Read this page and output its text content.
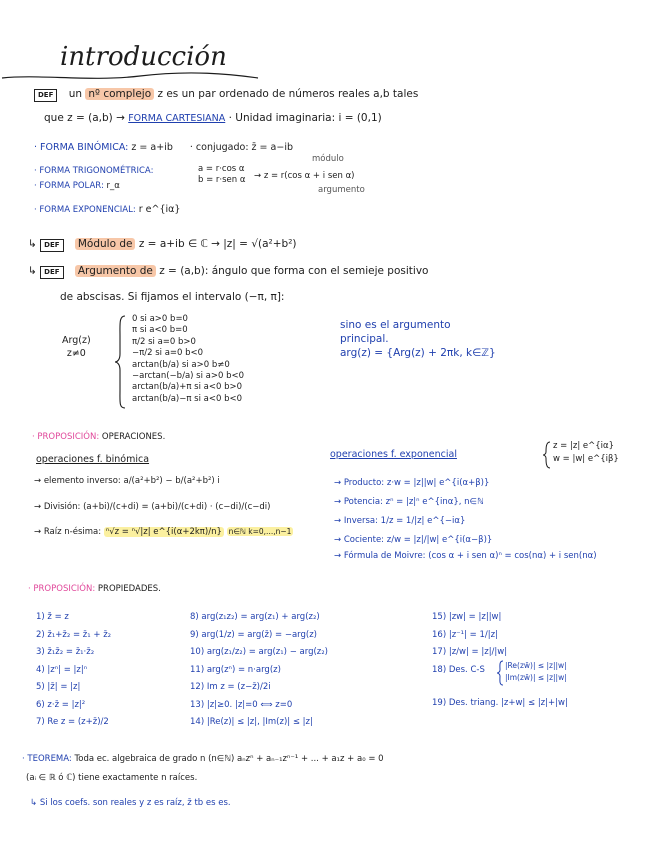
introducción
DEF un nº complejo z es un par ordenado de números reales a,b tales
que z = (a,b) → FORMA CARTESIANA · Unidad imaginaria: i = (0,1)
· FORMA BINÓMICA: z = a+ib · conjugado: z̄ = a−ib
módulo
· FORMA TRIGONOMÉTRICA:	a = r·cos α
b = r·sen α → z = r(cos α + i sen α)
· FORMA POLAR: r_α	argumento
· FORMA EXPONENCIAL: r e^{iα}
↳ DEF Módulo de z = a+ib ∈ ℂ → |z| = √(a²+b²)
↳ DEF Argumento de z = (a,b): ángulo que forma con el semieje positivo
de abscisas. Si fijamos el intervalo (−π, π]:
Arg(z)
z≠0
0 si a>0 b=0
π si a<0 b=0
π/2 si a=0 b>0
−π/2 si a=0 b<0
arctan(b/a) si a>0 b≠0
−arctan(−b/a) si a>0 b<0
arctan(b/a)+π si a<0 b>0
arctan(b/a)−π si a<0 b<0
sino es el argumento
principal.
arg(z) = {Arg(z) + 2πk, k∈ℤ}
· PROPOSICIÓN: OPERACIONES.
operaciones f. binómica
→ elemento inverso: a/(a²+b²) − b/(a²+b²) i
→ División: (a+bi)/(c+di) = (a+bi)/(c+di) · (c−di)/(c−di)
→ Raíz n-ésima: ⁿ√z = ⁿ√|z| e^{i(α+2kπ)/n} n∈ℕ k=0,...,n−1
operaciones f. exponencial
z = |z| e^{iα}
w = |w| e^{iβ}
→ Producto: z·w = |z||w| e^{i(α+β)}
→ Potencia: zⁿ = |z|ⁿ e^{inα}, n∈ℕ
→ Inversa: 1/z = 1/|z| e^{−iα}
→ Cociente: z/w = |z|/|w| e^{i(α−β)}
→ Fórmula de Moivre: (cos α + i sen α)ⁿ = cos(nα) + i sen(nα)
· PROPOSICIÓN: PROPIEDADES.
1) z̄̄ = z
2) z̄₁+z̄₂ = z̄₁ + z̄₂
3) z̄₁z̄₂ = z̄₁·z̄₂
4) |zⁿ| = |z|ⁿ
5) |z̄| = |z|
6) z·z̄ = |z|²
7) Re z = (z+z̄)/2
8) arg(z₁z₂) = arg(z₁) + arg(z₂)
9) arg(1/z) = arg(z̄) = −arg(z)
10) arg(z₁/z₂) = arg(z₁) − arg(z₂)
11) arg(zⁿ) = n·arg(z)
12) Im z = (z−z̄)/2i
13) |z|≥0. |z|=0 ⟺ z=0
14) |Re(z)| ≤ |z|, |Im(z)| ≤ |z|
15) |zw| = |z||w|
16) |z⁻¹| = 1/|z|
17) |z/w| = |z|/|w|
18) Des. C-S
19) Des. triang. |z+w| ≤ |z|+|w|
|Re(zw̄)| ≤ |z||w|
|Im(zw̄)| ≤ |z||w|
· TEOREMA: Toda ec. algebraica de grado n (n∈ℕ) aₙzⁿ + aₙ₋₁zⁿ⁻¹ + ... + a₁z + a₀ = 0
(aᵢ ∈ ℝ ó ℂ) tiene exactamente n raíces.
↳ Si los coefs. son reales y z es raíz, z̄ tb es es.
